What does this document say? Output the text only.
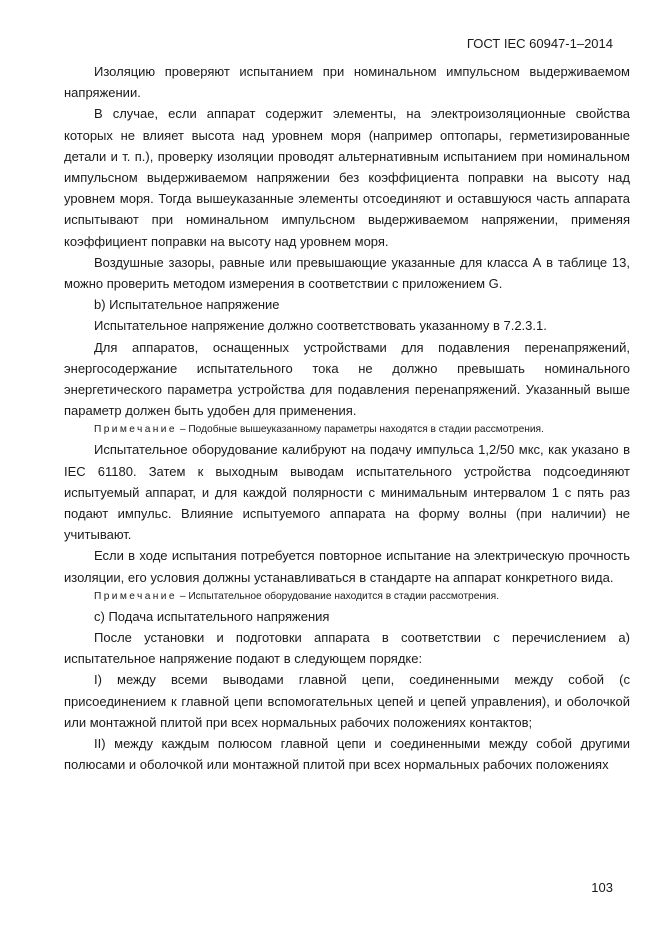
ГОСТ IEC 60947-1–2014

Изоляцию проверяют испытанием при номинальном импульсном выдерживаемом напряжении.

В случае, если аппарат содержит элементы, на электроизоляционные свойства которых не влияет высота над уровнем моря (например оптопары, герметизированные детали и т. п.), проверку изоляции проводят альтернативным испытанием при номинальном импульсном выдерживаемом напряжении без коэффициента поправки на высоту над уровнем моря. Тогда вышеуказанные элементы отсоединяют и оставшуюся часть аппарата испытывают при номинальном импульсном выдерживаемом напряжении, применяя коэффициент поправки на высоту над уровнем моря.

Воздушные зазоры, равные или превышающие указанные для класса А в таблице 13, можно проверить методом измерения в соответствии с приложением G.

b) Испытательное напряжение

Испытательное напряжение должно соответствовать указанному в 7.2.3.1.

Для аппаратов, оснащенных устройствами для подавления перенапряжений, энергосодержание испытательного тока не должно превышать номинального энергетического параметра устройства для подавления перенапряжений. Указанный выше параметр должен быть удобен для применения.

Примечание – Подобные вышеуказанному параметры находятся в стадии рассмотрения.

Испытательное оборудование калибруют на подачу импульса 1,2/50 мкс, как указано в IEC 61180. Затем к выходным выводам испытательного устройства подсоединяют испытуемый аппарат, и для каждой полярности с минимальным интервалом 1 с пять раз подают импульс. Влияние испытуемого аппарата на форму волны (при наличии) не учитывают.

Если в ходе испытания потребуется повторное испытание на электрическую прочность изоляции, его условия должны устанавливаться в стандарте на аппарат конкретного вида.

Примечание – Испытательное оборудование находится в стадии рассмотрения.

с) Подача испытательного напряжения

После установки и подготовки аппарата в соответствии с перечислением а) испытательное напряжение подают в следующем порядке:

I) между всеми выводами главной цепи, соединенными между собой (с присоединением к главной цепи вспомогательных цепей и цепей управления), и оболочкой или монтажной плитой при всех нормальных рабочих положениях контактов;

II) между каждым полюсом главной цепи и соединенными между собой другими полюсами и оболочкой или монтажной плитой при всех нормальных рабочих положениях

103
